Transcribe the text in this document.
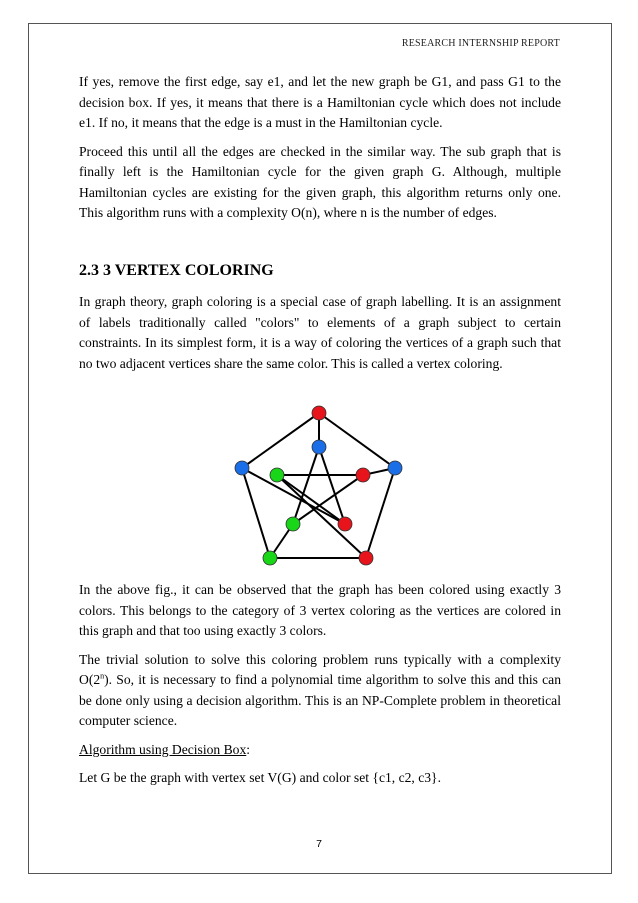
RESEARCH INTERNSHIP REPORT

If yes, remove the first edge, say e1, and let the new graph be G1, and pass G1 to the decision box. If yes, it means that there is a Hamiltonian cycle which does not include e1. If no, it means that the edge is a must in the Hamiltonian cycle.

Proceed this until all the edges are checked in the similar way. The sub graph that is finally left is the Hamiltonian cycle for the given graph G. Although, multiple Hamiltonian cycles are existing for the given graph, this algorithm returns only one. This algorithm runs with a complexity O(n), where n is the number of edges.

2.3 3 VERTEX COLORING

In graph theory, graph coloring is a special case of graph labelling. It is an assignment of labels traditionally called "colors" to elements of a graph subject to certain constraints. In its simplest form, it is a way of coloring the vertices of a graph such that no two adjacent vertices share the same color. This is called a vertex coloring.

In the above fig., it can be observed that the graph has been colored using exactly 3 colors. This belongs to the category of 3 vertex coloring as the vertices are colored in this graph and that too using exactly 3 colors.

The trivial solution to solve this coloring problem runs typically with a complexity O(2$^n$). So, it is necessary to find a polynomial time algorithm to solve this and this can be done only using a decision algorithm. This is an NP-Complete problem in theoretical computer science.

Algorithm using Decision Box:

Let G be the graph with vertex set V(G) and color set {c1, c2, c3}.

7
